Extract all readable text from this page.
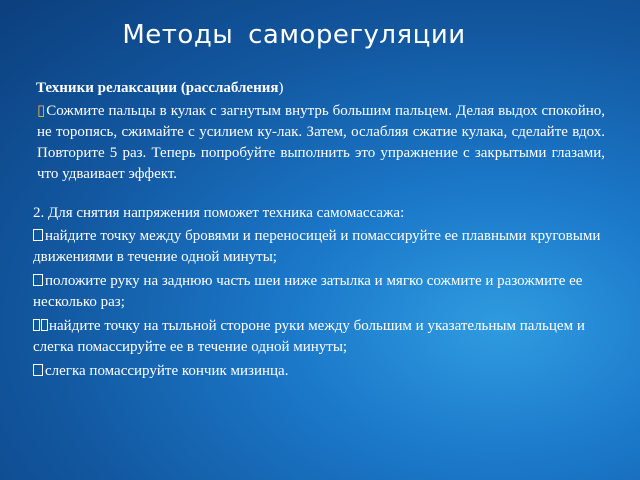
Методы саморегуляции
Техники релаксации (расслабления)
▯Сожмите пальцы в кулак с загнутым внутрь большим пальцем. Делая выдох спокойно, не торопясь, сжимайте с усилием ку-лак. Затем, ослабляя сжатие кулака, сделайте вдох. Повторите 5 раз. Теперь попробуйте выполнить это упражнение с закрытыми глазами, что удваивает эффект.
2. Для снятия напряжения поможет техника самомассажа:
найдите точку между бровями и переносицей и помассируйте ее плавными круговыми движениями в течение одной минуты;
положите руку на заднюю часть шеи ниже затылка и мягко сожмите и разожмите ее несколько раз;
найдите точку на тыльной стороне руки между большим и указательным пальцем и слегка помассируйте ее в течение одной минуты;
слегка помассируйте кончик мизинца.
